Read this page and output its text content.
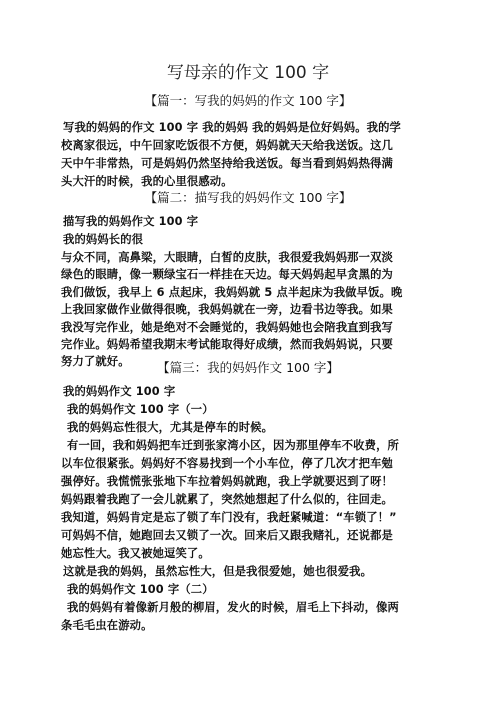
写母亲的作文 100 字
【篇一：写我的妈妈的作文 100 字】
写我的妈妈的作文 100 字 我的妈妈 我的妈妈是位好妈妈。我的学
校离家很远，中午回家吃饭很不方便，妈妈就天天给我送饭。这几
天中午非常热，可是妈妈仍然坚持给我送饭。每当看到妈妈热得满
头大汗的时候，我的心里很感动。
【篇二：描写我的妈妈作文 100 字】
描写我的妈妈作文 100 字
我的妈妈长的很
与众不同，高鼻梁，大眼睛，白皙的皮肤，我很爱我妈妈那一双淡
绿色的眼睛，像一颗绿宝石一样挂在天边。每天妈妈起早贪黑的为
我们做饭，我早上 6 点起床，我妈妈就 5 点半起床为我做早饭。晚
上我回家做作业做得很晚，我妈妈就在一旁，边看书边等我。如果
我没写完作业，她是绝对不会睡觉的，我妈妈她也会陪我直到我写
完作业。妈妈希望我期末考试能取得好成绩，然而我妈妈说，只要
努力了就好。	【篇三：我的妈妈作文 100 字】
我的妈妈作文 100 字
我的妈妈作文 100 字（一）
我的妈妈忘性很大，尤其是停车的时候。
有一回，我和妈妈把车迁到张家湾小区，因为那里停车不收费，所
以车位很紧张。妈妈好不容易找到一个小车位，停了几次才把车勉
强停好。我慌慌张张地下车拉着妈妈就跑，我上学就要迟到了呀！
妈妈跟着我跑了一会儿就累了，突然她想起了什么似的，往回走。
我知道，妈妈肯定是忘了锁了车门没有，我赶紧喊道：“车锁了！”
可妈妈不信，她跑回去又锁了一次。回来后又跟我赌礼，还说都是
她忘性大。我又被她逗笑了。
这就是我的妈妈，虽然忘性大，但是我很爱她，她也很爱我。
我的妈妈作文 100 字（二）
我的妈妈有着像新月般的柳眉，发火的时候，眉毛上下抖动，像两
条毛毛虫在游动。
